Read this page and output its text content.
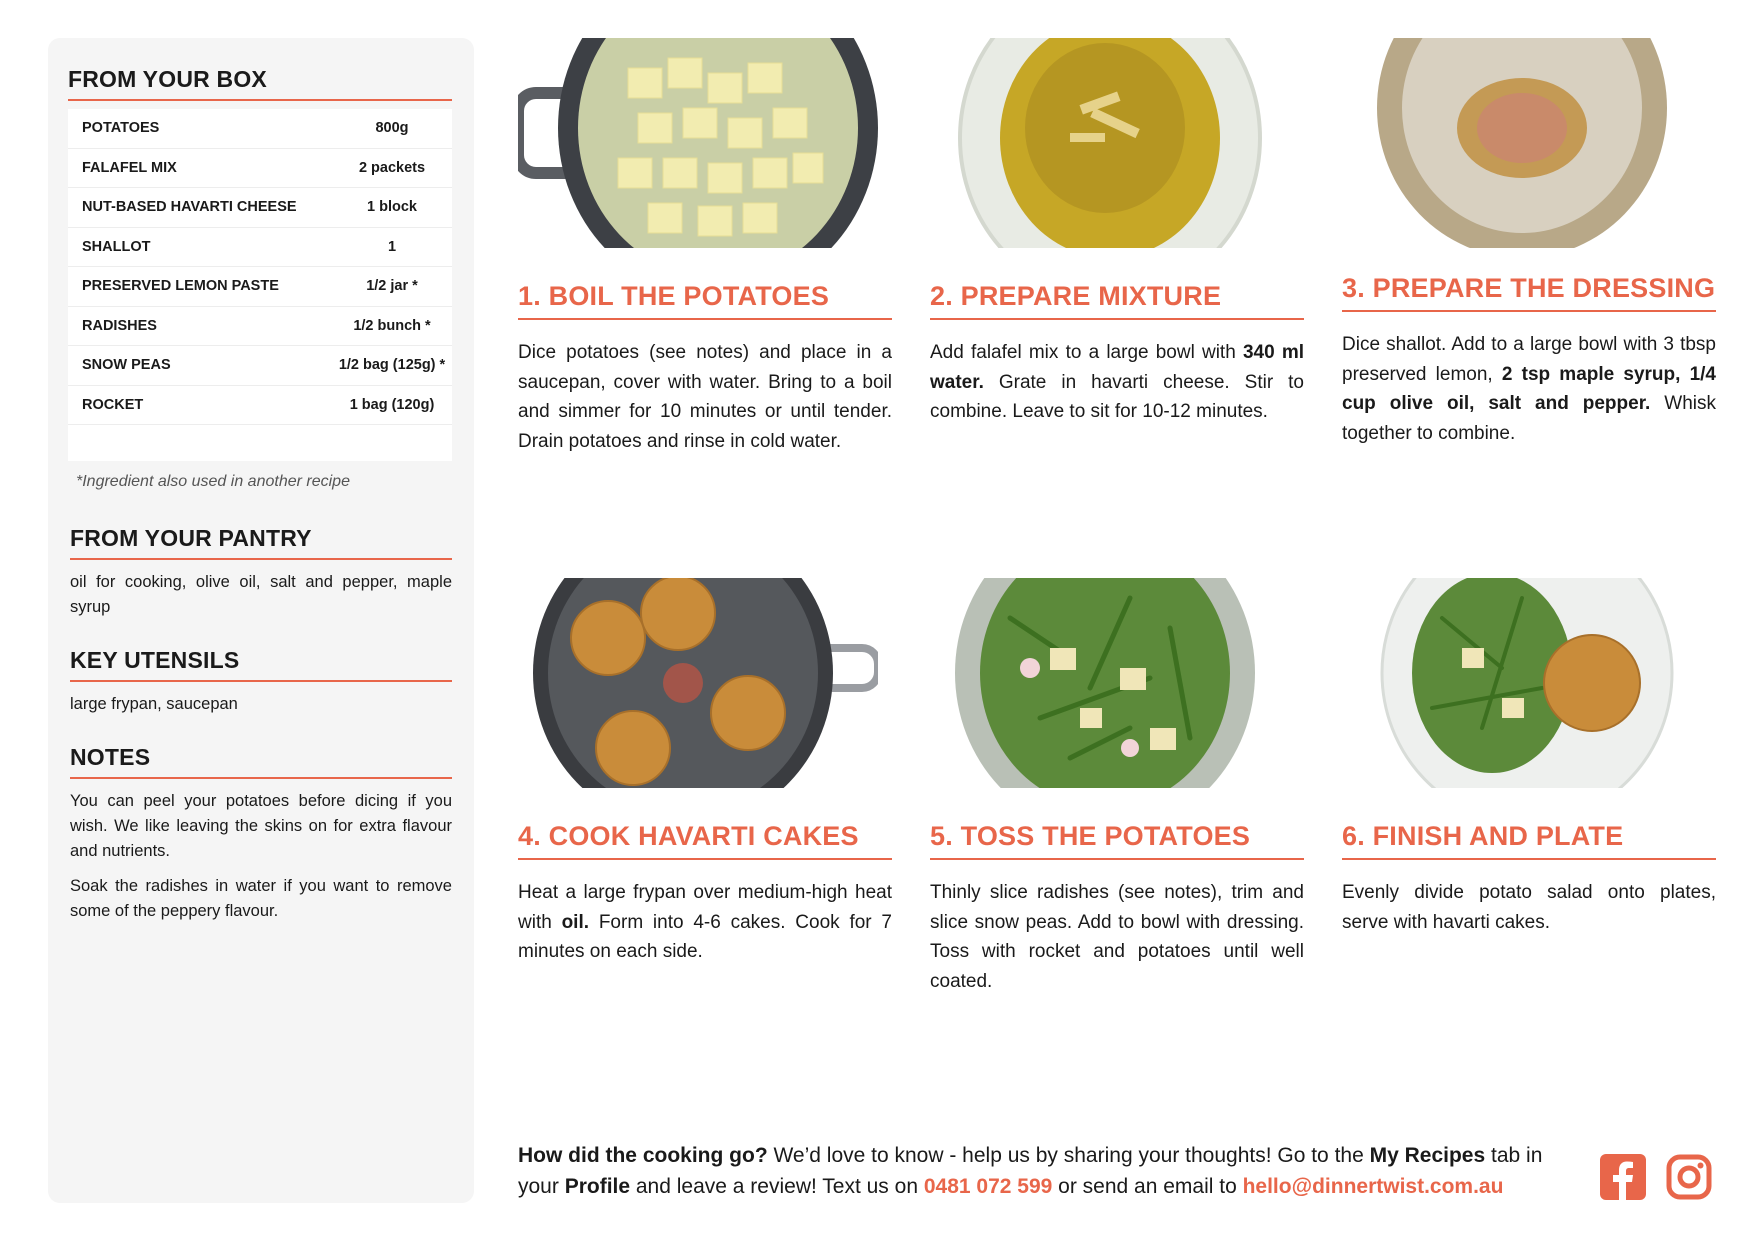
FROM YOUR BOX
POTATOES	800g
FALAFEL MIX	2 packets
NUT-BASED HAVARTI CHEESE	1 block
SHALLOT	1
PRESERVED LEMON PASTE	1/2 jar *
RADISHES	1/2 bunch *
SNOW PEAS	1/2 bag (125g) *
ROCKET	1 bag (120g)

*Ingredient also used in another recipe

FROM YOUR PANTRY

oil for cooking, olive oil, salt and pepper, maple syrup

KEY UTENSILS

large frypan, saucepan

NOTES

You can peel your potatoes before dicing if you wish. We like leaving the skins on for extra flavour and nutrients.

Soak the radishes in water if you want to remove some of the peppery flavour.

1. BOIL THE POTATOES

Dice potatoes (see notes) and place in a saucepan, cover with water. Bring to a boil and simmer for 10 minutes or until tender. Drain potatoes and rinse in cold water.

2. PREPARE MIXTURE

Add falafel mix to a large bowl with 340 ml water. Grate in havarti cheese. Stir to combine. Leave to sit for 10-12 minutes.

3. PREPARE THE DRESSING

Dice shallot. Add to a large bowl with 3 tbsp preserved lemon, 2 tsp maple syrup, 1/4 cup olive oil, salt and pepper. Whisk together to combine.

4. COOK HAVARTI CAKES

Heat a large frypan over medium-high heat with oil. Form into 4-6 cakes. Cook for 7 minutes on each side.

5. TOSS THE POTATOES

Thinly slice radishes (see notes), trim and slice snow peas. Add to bowl with dressing. Toss with rocket and potatoes until well coated.

6. FINISH AND PLATE

Evenly divide potato salad onto plates, serve with havarti cakes.

How did the cooking go? We’d love to know - help us by sharing your thoughts! Go to the My Recipes tab in your Profile and leave a review! Text us on 0481 072 599 or send an email to hello@dinnertwist.com.au
